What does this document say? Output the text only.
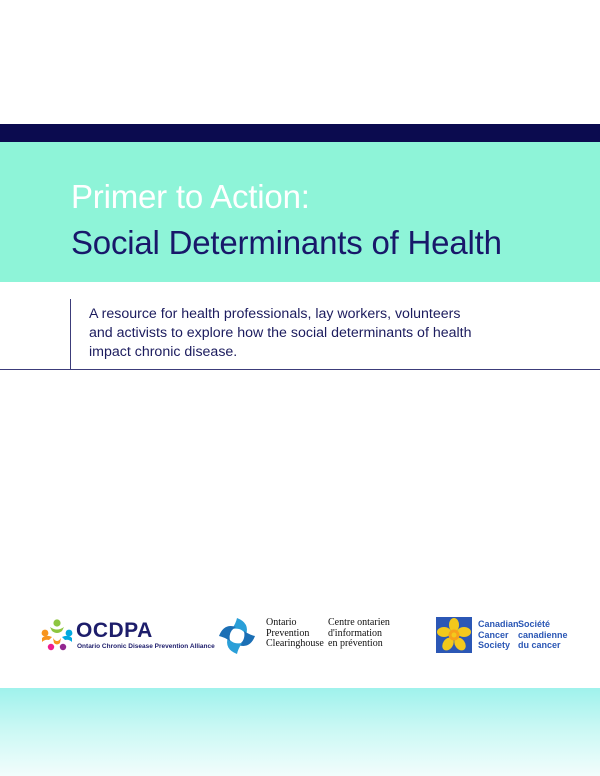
Primer to Action:
Social Determinants of Health
A resource for health professionals, lay workers, volunteers
and activists to explore how the social determinants of health
impact chronic disease.
OCDPA
Ontario Chronic Disease Prevention Alliance
Ontario
Prevention
Clearinghouse
Centre ontarien
d'information
en prévention
Canadian
Cancer
Society
Société
canadienne
du cancer
